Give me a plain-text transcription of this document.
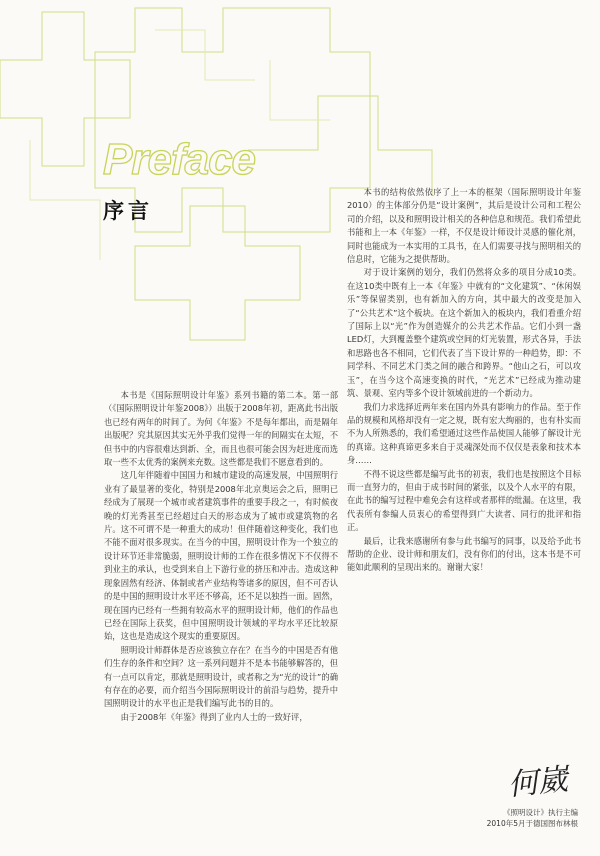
Preface
序言

本书是《国际照明设计年鉴》系列书籍的第二本。第一部（《国际照明设计年鉴2008》）出版于2008年初，距离此书出版也已经有两年的时间了。为何《年鉴》不是每年都出，而是隔年出版呢？究其原因其实无外乎我们觉得一年的间隔实在太短，不但书中的内容很难达到新、全，而且也很可能会因为赶进度而选取一些不太优秀的案例来充数。这些都是我们不愿意看到的。

这几年伴随着中国国力和城市建设的高速发展，中国照明行业有了最显著的变化，特别是2008年北京奥运会之后，照明已经成为了展现一个城市或者建筑事件的重要手段之一，有时候夜晚的灯光秀甚至已经超过白天的形态成为了城市或建筑物的名片。这不可谓不是一种重大的成功！但伴随着这种变化，我们也不能不面对很多现实。在当今的中国，照明设计作为一个独立的设计环节还非常脆弱，照明设计师的工作在很多情况下不仅得不到业主的承认，也受到来自上下游行业的挤压和冲击。造成这种现象固然有经济、体制或者产业结构等诸多的原因，但不可否认的是中国的照明设计水平还不够高，还不足以独挡一面。固然，现在国内已经有一些拥有较高水平的照明设计师，他们的作品也已经在国际上获奖，但中国照明设计领域的平均水平还比较原始，这也是造成这个现实的重要原因。

照明设计师群体是否应该独立存在？在当今的中国是否有他们生存的条件和空间？这一系列问题并不是本书能够解答的，但有一点可以肯定，那就是照明设计，或者称之为“光的设计”的确有存在的必要，而介绍当今国际照明设计的前沿与趋势，提升中国照明设计的水平也正是我们编写此书的目的。

由于2008年《年鉴》得到了业内人士的一致好评，

本书的结构依然依序了上一本的框架（国际照明设计年鉴2010）的主体部分仍是“设计案例”，其后是设计公司和工程公司的介绍，以及和照明设计相关的各种信息和规范。我们希望此书能和上一本《年鉴》一样，不仅是设计师设计灵感的催化剂，同时也能成为一本实用的工具书，在人们需要寻找与照明相关的信息时，它能为之提供帮助。

对于设计案例的划分，我们仍然将众多的项目分成10类。在这10类中既有上一本《年鉴》中就有的“文化建筑”、“休闲娱乐”等保留类别，也有新加入的方向，其中最大的改变是加入了“公共艺术”这个板块。在这个新加入的板块内，我们看重介绍了国际上以“光”作为创造媒介的公共艺术作品。它们小到一盏LED灯，大到覆盖整个建筑或空间的灯光装置，形式各异，手法和思路也各不相同，它们代表了当下设计界的一种趋势，即：不同学科、不同艺术门类之间的融合和跨界。“他山之石，可以攻玉”，在当今这个高速变换的时代，“光艺术”已经成为推动建筑、景观、室内等多个设计领域前进的一个新动力。

我们力求选择近两年来在国内外具有影响力的作品。至于作品的规模和风格却没有一定之规，既有宏大绚丽的，也有朴实而不为人所熟悉的，我们希望通过这些作品使国人能够了解设计光的真谛。这种真谛更多来自于灵魂深处而不仅仅是表象和技术本身……

不得不说这些都是编写此书的初衷，我们也是按照这个目标而一直努力的，但由于成书时间的紧张，以及个人水平的有限，在此书的编写过程中难免会有这样或者那样的纰漏。在这里，我代表所有参编人员衷心的希望得到广大读者、同行的批评和指正。

最后，让我来感谢所有参与此书编写的同事，以及给予此书帮助的企业、设计师和朋友们，没有你们的付出，这本书是不可能如此顺利的呈现出来的。谢谢大家！

何崴
《照明设计》执行主编
2010年5月于德国图布林根
